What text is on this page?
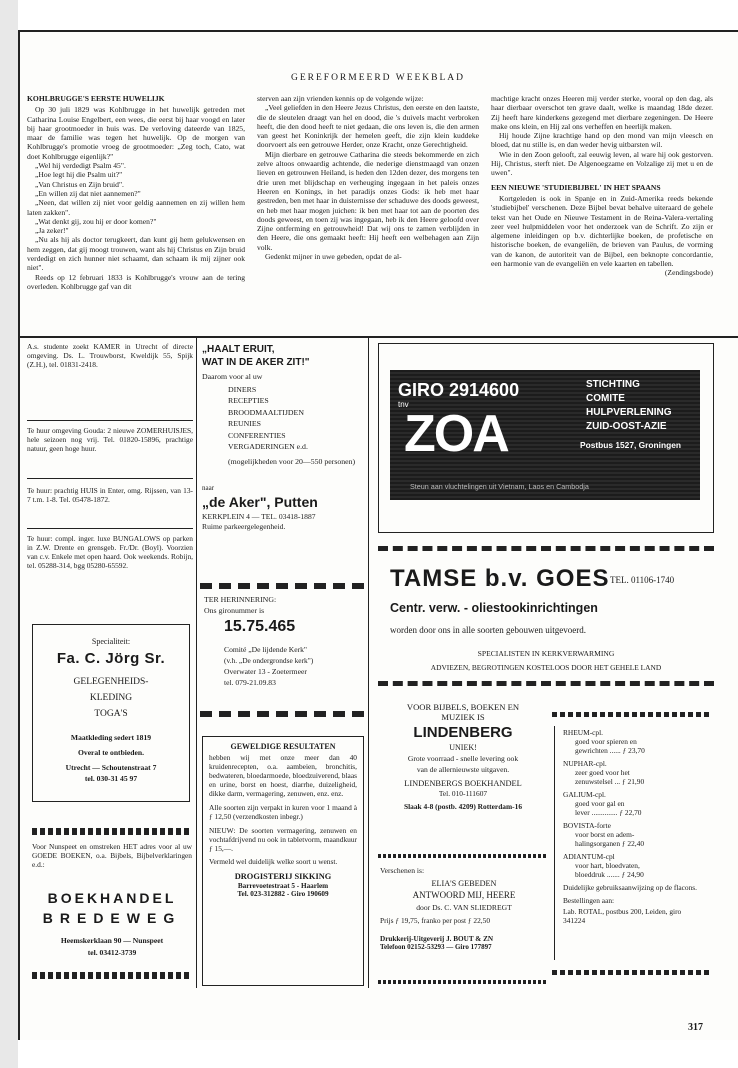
GEREFORMEERD WEEKBLAD
KOHLBRUGGE'S EERSTE HUWELIJK

Op 30 juli 1829 was Kohlbrugge in het huwelijk getreden met Catharina Louise Engelbert, een wees, die eerst bij haar voogd en later bij haar grootmoeder in huis was. De verloving dateerde van 1825, maar de familie was tegen het huwelijk. Op de morgen van Kohlbrugge's promotie vroeg de grootmoeder: „Zeg toch, Cato, wat doet Kohlbrugge eigenlijk?"

„Wel hij verdedigt Psalm 45".

„Hoe legt hij die Psalm uit?"

„Van Christus en Zijn bruid".

„En willen zij dat niet aannemen?"

„Neen, dat willen zij niet voor geldig aannemen en zij willen hem laten zakken".

„Wat denkt gij, zou hij er door komen?"

„Ja zeker!"

„Nu als hij als doctor terugkeert, dan kunt gij hem gelukwensen en hem zeggen, dat gij moogt trouwen, want als hij Christus en Zijn bruid verdedigt en zich hunner niet schaamt, dan schaam ik mij zijner ook niet".

Reeds op 12 februari 1833 is Kohlbrugge's vrouw aan de tering overleden. Kohlbrugge gaf van dit

sterven aan zijn vrienden kennis op de volgende wijze:

„Veel geliefden in den Heere Jezus Christus, den eerste en den laatste, die de sleutelen draagt van hel en dood, die 's duivels macht verbroken heeft, die den dood heeft te niet gedaan, die ons leven is, die den armen van geest het Koninkrijk der hemelen geeft, die zijn klein kuddeke doorvoert als een getrouwe Herder, onze Kracht, onze Gerechtigheid.

Mijn dierbare en getrouwe Catharina die steeds bekommerde en zich zelve altoos onwaardig achtende, die nederige dienstmaagd van onzen lieven en getrouwen Heiland, is heden den 12den dezer, des morgens ten drie uren met blijdschap en verheuging ingegaan in het paleis onzes Heeren en Konings, in het paradijs onzes Gods: ik heb met haar gestreden, ben met haar in duisternisse der schaduwe des doods geweest, en heb met haar mogen juichen: ik ben met haar tot aan de poorten des doods geweest, en toen zij was ingegaan, heb ik den Heere geloofd over Zijne ontferming en getrouwheid! Dat wij ons te zamen verblijden in den Heere, die ons gemaakt heeft: Hij heeft een welbehagen aan Zijn volk.

Gedenkt mijner in uwe gebeden, opdat de al-

machtige kracht onzes Heeren mij verder sterke, vooral op den dag, als haar dierbaar overschot ten grave daalt, welke is maandag 18de dezer. Zij heeft hare kinderkens gezegend met dierbare zegeningen. De Heere make ons klein, en Hij zal ons verheffen en heerlijk maken.

Hij houde Zijne krachtige hand op den mond van mijn vleesch en bloed, dat nu stille is, en dan weder hevig uitbarsten wil.

Wie in den Zoon gelooft, zal eeuwig leven, al ware hij ook gestorven. Hij, Christus, sterft niet. De Algenoegzame en Volzalige zij met u en de uwen".

EEN NIEUWE 'STUDIEBIJBEL' IN HET SPAANS

Kortgeleden is ook in Spanje en in Zuid-Amerika reeds bekende 'studiebijbel' verschenen. Deze Bijbel bevat behalve uiteraard de gehele tekst van het Oude en Nieuwe Testament in de Reina-Valera-vertaling zeer veel hulpmiddelen voor het onderzoek van de Schrift. Zo zijn er algemene inleidingen op b.v. dichterlijke boeken, de profetische en historische boeken, de evangeliën, de brieven van Paulus, de vorming van de kanon, de autoriteit van de Bijbel, een beknopte concordantie, een harmonie van de evangeliën en vele kaarten en tabellen.

(Zendingsbode)
A.s. studente zoekt KAMER in Utrecht of directe omgeving. Ds. L. Trouwborst, Kweldijk 55, Spijk (Z.H.), tel. 01831-2418.
Te huur omgeving Gouda: 2 nieuwe ZOMERHUISJES, hele seizoen nog vrij. Tel. 01820-15896, prachtige natuur, geen hoge huur.
Te huur: prachtig HUIS in Enter, omg. Rijssen, van 13-7 t.m. 1-8. Tel. 05478-1872.
Te huur: compl. inger. luxe BUNGALOWS op parken in Z.W. Drente en grensgeb. Fr./Dr. (Boyl). Voorzien van c.v. Enkele met open haard. Ook weekends. Robijn, tel. 05288-314, bgg 05280-65592.
Specialiteit:
Fa. C. Jörg Sr.
GELEGENHEIDS-
KLEDING
TOGA'S
Maatkleding sedert 1819
Overal te ontbieden.
Utrecht — Schoutenstraat 7
tel. 030-31 45 97
Voor Nunspeet en omstreken HET adres voor al uw GOEDE BOEKEN, o.a. Bijbels, Bijbelverklaringen e.d.:
BOEKHANDEL
BREDEWEG
Heemskerklaan 90 — Nunspeet
tel. 03412-3739
„HAALT ERUIT,
WAT IN DE AKER ZIT!"
Daarom voor al uw
DINERS
RECEPTIES
BROODMAALTIJDEN
REUNIES
CONFERENTIES
VERGADERINGEN e.d.
(mogelijkheden voor 20—550 personen)
naar
„de Aker", Putten
KERKPLEIN 4 — TEL. 03418-1887
Ruime parkeergelegenheid.
TER HERINNERING:
Ons gironummer is
15.75.465
Comité „De lijdende Kerk"
(v.h. „De ondergrondse kerk")
Overwater 13 - Zoetermeer
tel. 079-21.09.83
GEWELDIGE RESULTATEN
hebben wij met onze meer dan 40 kruidenrecepten, o.a. aambeien, bronchitis, bedwateren, bloedarmoede, bloedzuiverend, blaas en urine, borst en hoest, diarrhe, duizeligheid, dikke darm, vermagering, zenuwen, enz. enz.
Alle soorten zijn verpakt in kuren voor 1 maand à ƒ 12,50 (verzendkosten inbegr.)
NIEUW: De soorten vermagering, zenuwen en vochtafdrijvend nu ook in tabletvorm, maandkuur ƒ 15,—.
Vermeld wel duidelijk welke soort u wenst.
DROGISTERIJ SIKKING
Barrevoetestraat 5 - Haarlem
Tel. 023-312882 - Giro 190609
GIRO 2914600
tnv
ZOA
STICHTING
COMITE
HULPVERLENING
ZUID-OOST-AZIE
Postbus 1527, Groningen
Steun aan vluchtelingen uit Vietnam, Laos en Cambodja
TAMSE b.v. GOES TEL. 01106-1740
Centr. verw. - oliestookinrichtingen
worden door ons in alle soorten gebouwen uitgevoerd.
SPECIALISTEN IN KERKVERWARMING
ADVIEZEN, BEGROTINGEN KOSTELOOS DOOR HET GEHELE LAND
VOOR BIJBELS, BOEKEN EN
MUZIEK IS
LINDENBERG
UNIEK!
Grote voorraad - snelle levering ook
van de allernieuwste uitgaven.
LINDENBERGS BOEKHANDEL
Tel. 010-111607
Slaak 4-8 (postb. 4209) Rotterdam-16
Verschenen is:
ELIA'S GEBEDEN
ANTWOORD MIJ, HEERE
door Ds. C. VAN SLIEDREGT
Prijs ƒ 19,75, franko per post ƒ 22,50
Drukkerij-Uitgeverij J. BOUT & ZN
Telefoon 02152-53293 — Giro 177897
RHEUM-cpl.
goed voor spieren en
gewrichten ...... ƒ 23,70
NUPHAR-cpl.
zeer goed voor het
zenuwstelsel ... ƒ 21,90
GALIUM-cpl.
goed voor gal en
lever .............. ƒ 22,70
BOVISTA-forte
voor borst en adem-
halingsorganen ƒ 22,40
ADIANTUM-cpl
voor hart, bloedvaten,
bloeddruk ....... ƒ 24,90
Duidelijke gebruiksaanwijzing op de flacons.
Bestellingen aan:
Lab. ROTAL, postbus 200, Leiden, giro 341224
317
